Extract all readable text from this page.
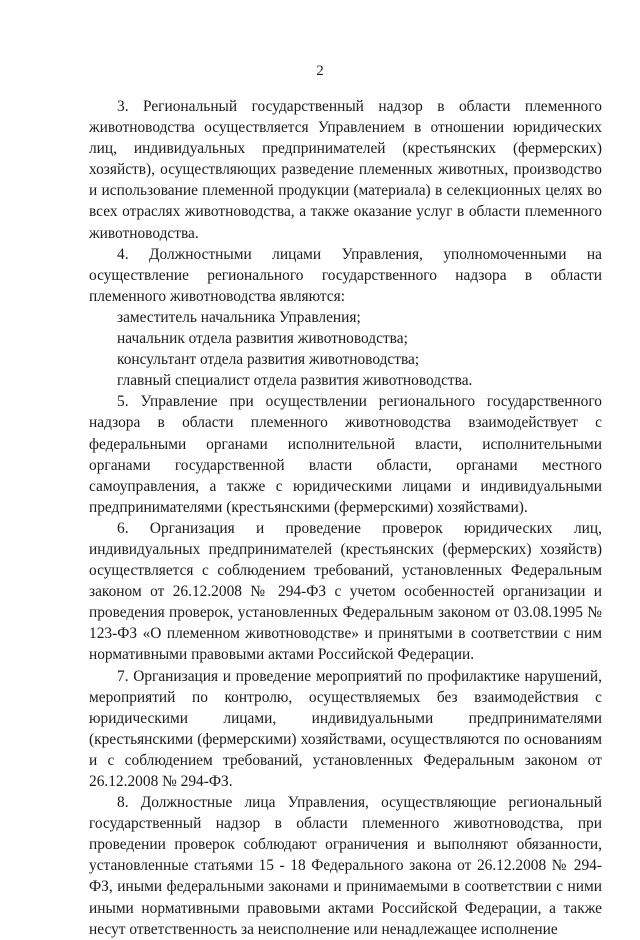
2

3. Региональный государственный надзор в области племенного животноводства осуществляется Управлением в отношении юридических лиц, индивидуальных предпринимателей (крестьянских (фермерских) хозяйств), осуществляющих разведение племенных животных, производство и использование племенной продукции (материала) в селекционных целях во всех отраслях животноводства, а также оказание услуг в области племенного животноводства.

4. Должностными лицами Управления, уполномоченными на осуществление регионального государственного надзора в области племенного животноводства являются:

заместитель начальника Управления;

начальник отдела развития животноводства;

консультант отдела развития животноводства;

главный специалист отдела развития животноводства.

5. Управление при осуществлении регионального государственного надзора в области племенного животноводства взаимодействует с федеральными органами исполнительной власти, исполнительными органами государственной власти области, органами местного самоуправления, а также с юридическими лицами и индивидуальными предпринимателями (крестьянскими (фермерскими) хозяйствами).

6. Организация и проведение проверок юридических лиц, индивидуальных предпринимателей (крестьянских (фермерских) хозяйств) осуществляется с соблюдением требований, установленных Федеральным законом от 26.12.2008 № 294-ФЗ с учетом особенностей организации и проведения проверок, установленных Федеральным законом от 03.08.1995 № 123-ФЗ «О племенном животноводстве» и принятыми в соответствии с ним нормативными правовыми актами Российской Федерации.

7. Организация и проведение мероприятий по профилактике нарушений, мероприятий по контролю, осуществляемых без взаимодействия с юридическими лицами, индивидуальными предпринимателями (крестьянскими (фермерскими) хозяйствами, осуществляются по основаниям и с соблюдением требований, установленных Федеральным законом от 26.12.2008 № 294-ФЗ.

8. Должностные лица Управления, осуществляющие региональный государственный надзор в области племенного животноводства, при проведении проверок соблюдают ограничения и выполняют обязанности, установленные статьями 15 - 18 Федерального закона от 26.12.2008 № 294-ФЗ, иными федеральными законами и принимаемыми в соответствии с ними иными нормативными правовыми актами Российской Федерации, а также несут ответственность за неисполнение или ненадлежащее исполнение
